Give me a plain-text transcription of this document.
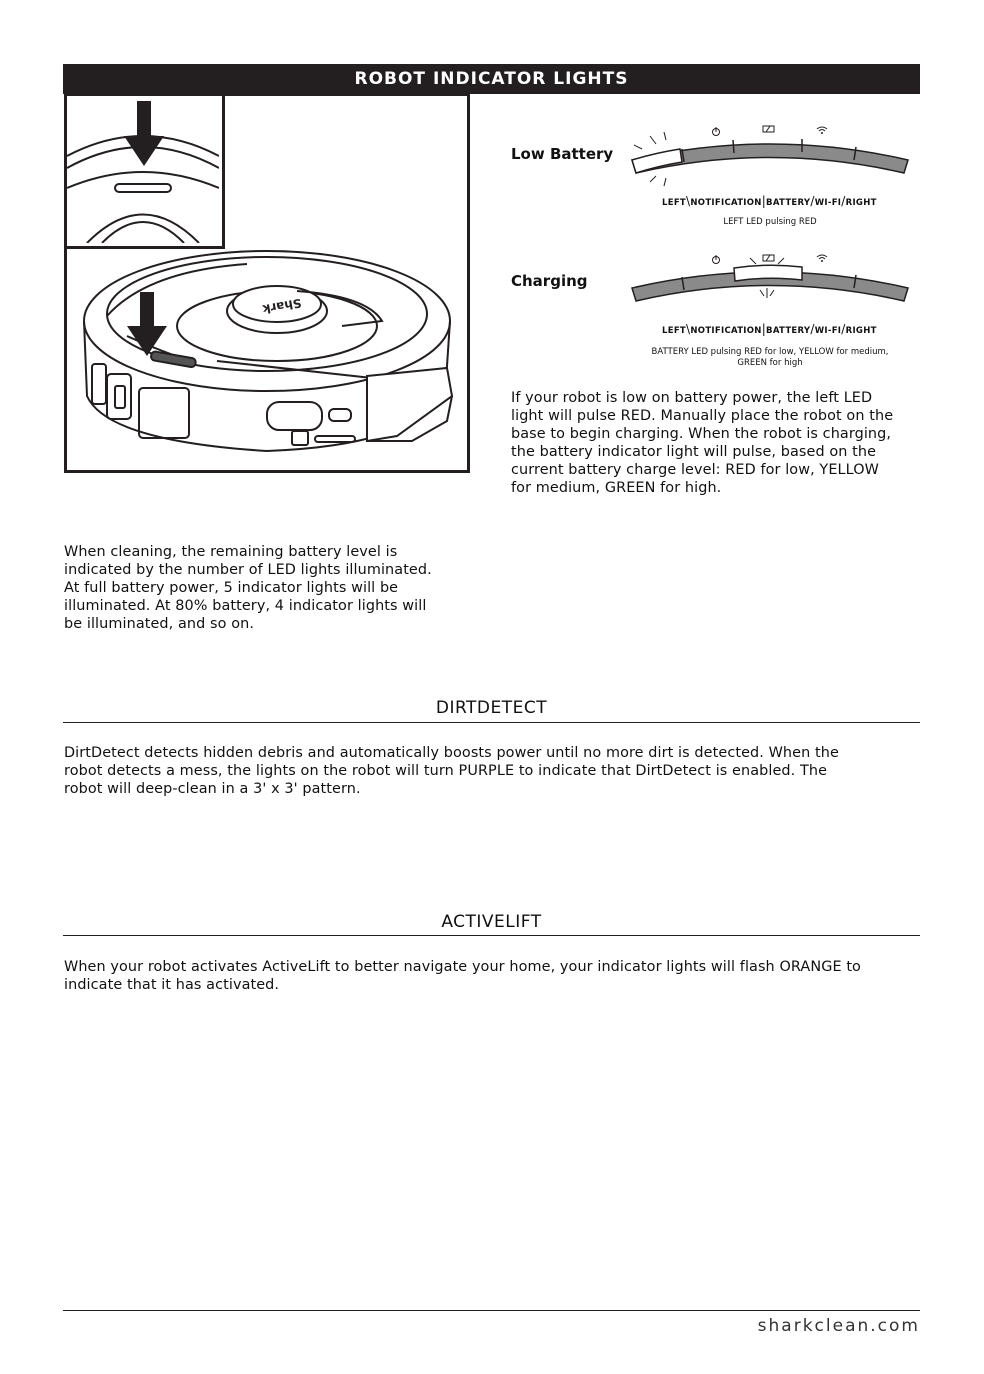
ROBOT INDICATOR LIGHTS
Shark
Low Battery
LEFT\NOTIFICATION|BATTERY/WI-FI/RIGHT
LEFT LED pulsing RED
Charging
LEFT\NOTIFICATION|BATTERY/WI-FI/RIGHT
BATTERY LED pulsing RED for low, YELLOW for medium,
GREEN for high
If your robot is low on battery power, the left LED
light will pulse RED. Manually place the robot on the
base to begin charging. When the robot is charging,
the battery indicator light will pulse, based on the
current battery charge level: RED for low, YELLOW
for medium, GREEN for high.
When cleaning, the remaining battery level is
indicated by the number of LED lights illuminated.
At full battery power, 5 indicator lights will be
illuminated. At 80% battery, 4 indicator lights will
be illuminated, and so on.
DIRTDETECT
DirtDetect detects hidden debris and automatically boosts power until no more dirt is detected. When the
robot detects a mess, the lights on the robot will turn PURPLE to indicate that DirtDetect is enabled. The
robot will deep-clean in a 3' x 3' pattern.
ACTIVELIFT
When your robot activates ActiveLift to better navigate your home, your indicator lights will flash ORANGE to
indicate that it has activated.
sharkclean.com
